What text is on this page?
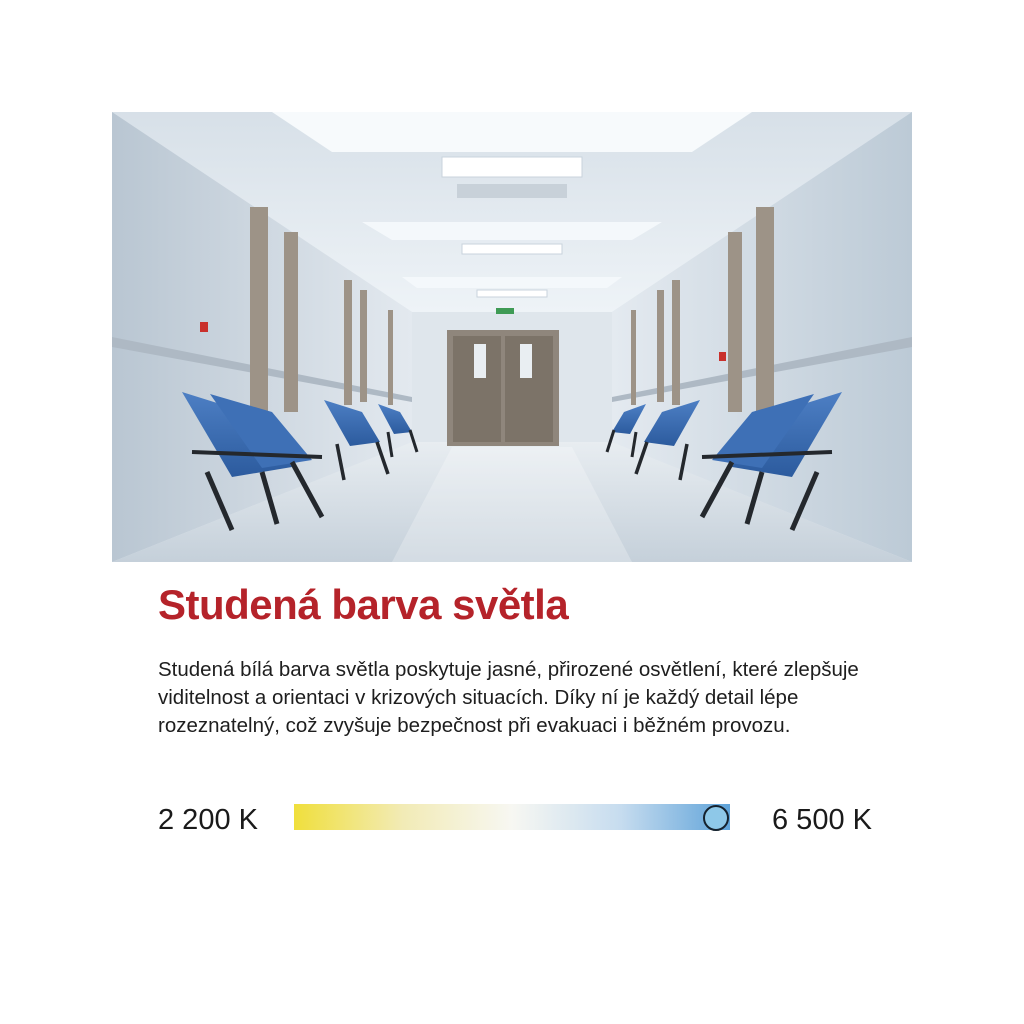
Studená barva světla

Studená bílá barva světla poskytuje jasné, přirozené osvětlení, které zlepšuje
viditelnost a orientaci v krizových situacích. Díky ní je každý detail lépe
rozeznatelný, což zvyšuje bezpečnost při evakuaci i běžném provozu.

2 200 K	6 500 K
